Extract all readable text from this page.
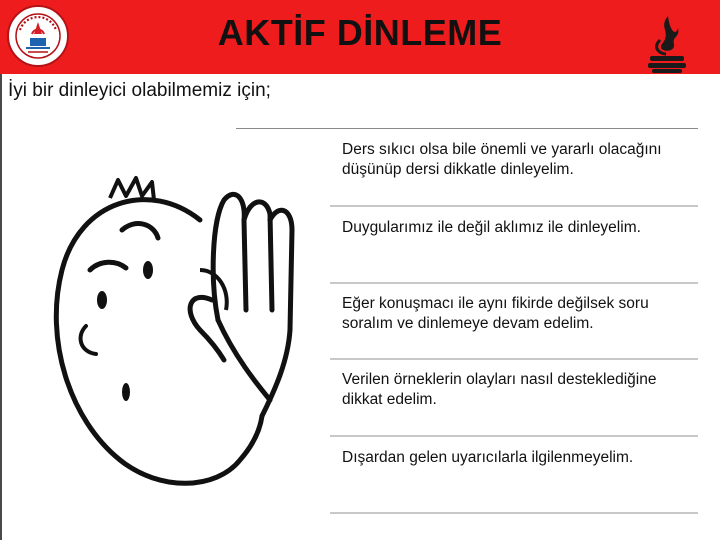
AKTİF DİNLEME
İyi bir dinleyici olabilmemiz için;
Ders sıkıcı olsa bile önemli ve yararlı olacağını düşünüp dersi dikkatle dinleyelim.
Duygularımız ile değil aklımız ile dinleyelim.
Eğer konuşmacı ile aynı fikirde değilsek soru soralım ve dinlemeye devam edelim.
Verilen örneklerin olayları nasıl desteklediğine dikkat edelim.
Dışardan gelen uyarıcılarla ilgilenmeyelim.
